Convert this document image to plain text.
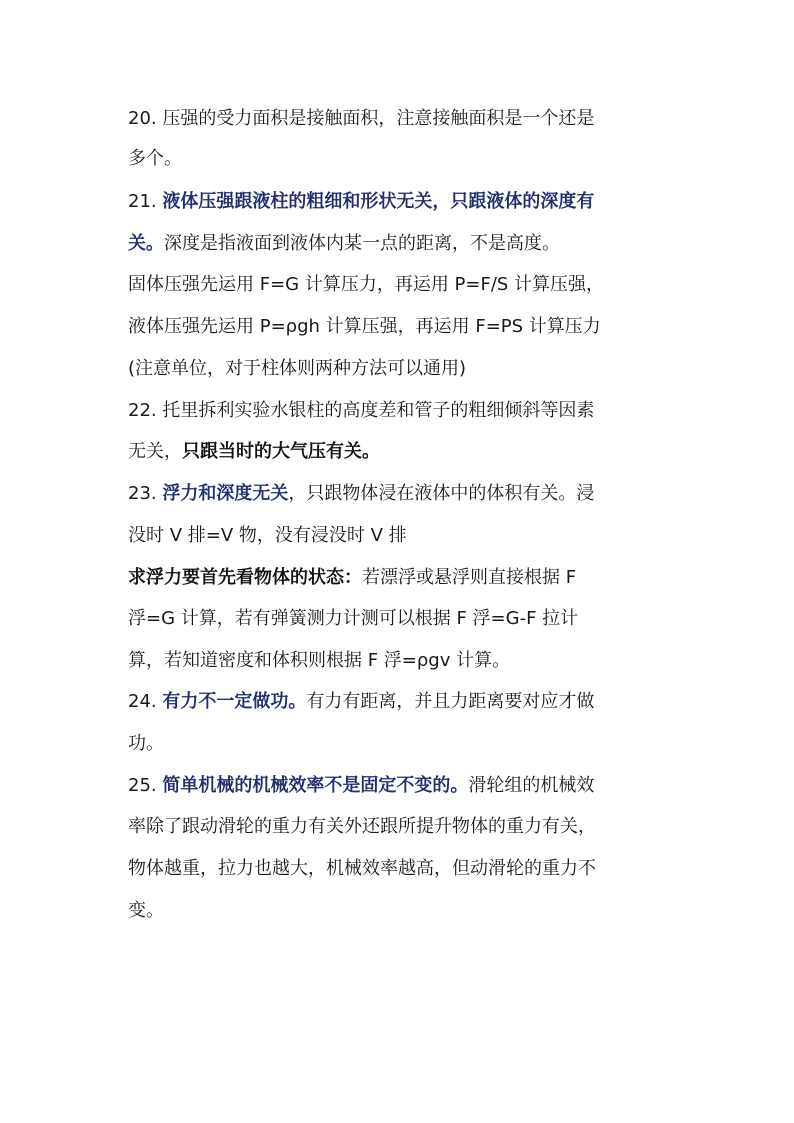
20. 压强的受力面积是接触面积，注意接触面积是一个还是
多个。
21. 液体压强跟液柱的粗细和形状无关，只跟液体的深度有
关。深度是指液面到液体内某一点的距离，不是高度。
固体压强先运用 F=G 计算压力，再运用 P=F/S 计算压强，
液体压强先运用 P=ρgh 计算压强，再运用 F=PS 计算压力
(注意单位，对于柱体则两种方法可以通用)
22. 托里拆利实验水银柱的高度差和管子的粗细倾斜等因素
无关，只跟当时的大气压有关。
23. 浮力和深度无关，只跟物体浸在液体中的体积有关。浸
没时 V 排=V 物，没有浸没时 V 排
求浮力要首先看物体的状态：若漂浮或悬浮则直接根据 F
浮=G 计算，若有弹簧测力计测可以根据 F 浮=G-F 拉计
算，若知道密度和体积则根据 F 浮=ρgv 计算。
24. 有力不一定做功。有力有距离，并且力距离要对应才做
功。
25. 简单机械的机械效率不是固定不变的。滑轮组的机械效
率除了跟动滑轮的重力有关外还跟所提升物体的重力有关，
物体越重，拉力也越大，机械效率越高，但动滑轮的重力不
变。
